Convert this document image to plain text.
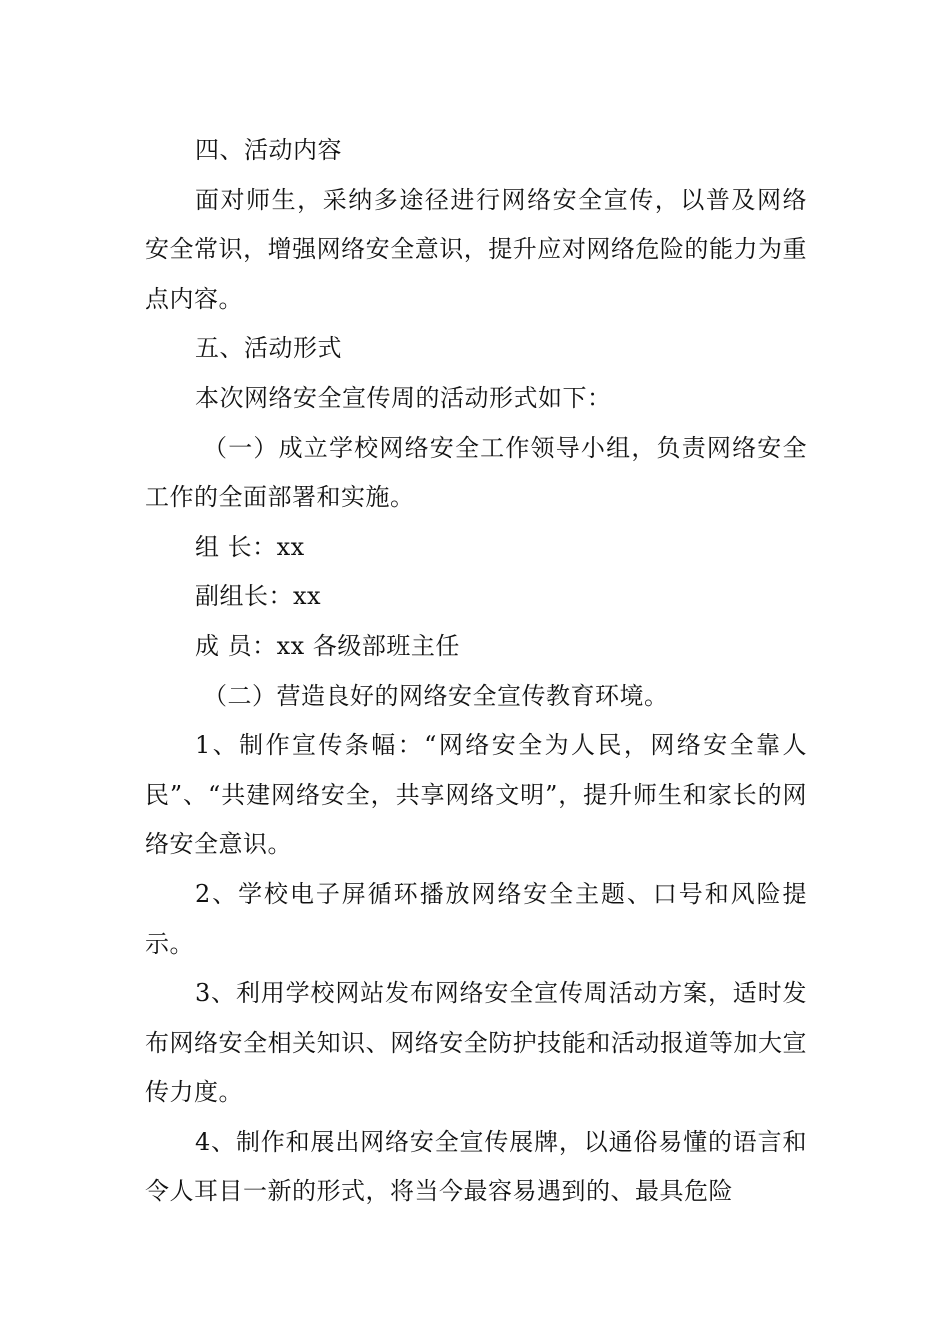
四、活动内容

面对师生，采纳多途径进行网络安全宣传，以普及网络安全常识，增强网络安全意识，提升应对网络危险的能力为重点内容。

五、活动形式

本次网络安全宣传周的活动形式如下：

（一）成立学校网络安全工作领导小组，负责网络安全工作的全面部署和实施。

组 长：xx

副组长：xx

成 员：xx 各级部班主任

（二）营造良好的网络安全宣传教育环境。

1、制作宣传条幅：“网络安全为人民，网络安全靠人民”、“共建网络安全，共享网络文明”，提升师生和家长的网络安全意识。

2、学校电子屏循环播放网络安全主题、口号和风险提示。

3、利用学校网站发布网络安全宣传周活动方案，适时发布网络安全相关知识、网络安全防护技能和活动报道等加大宣传力度。

4、制作和展出网络安全宣传展牌，以通俗易懂的语言和令人耳目一新的形式，将当今最容易遇到的、最具危险
